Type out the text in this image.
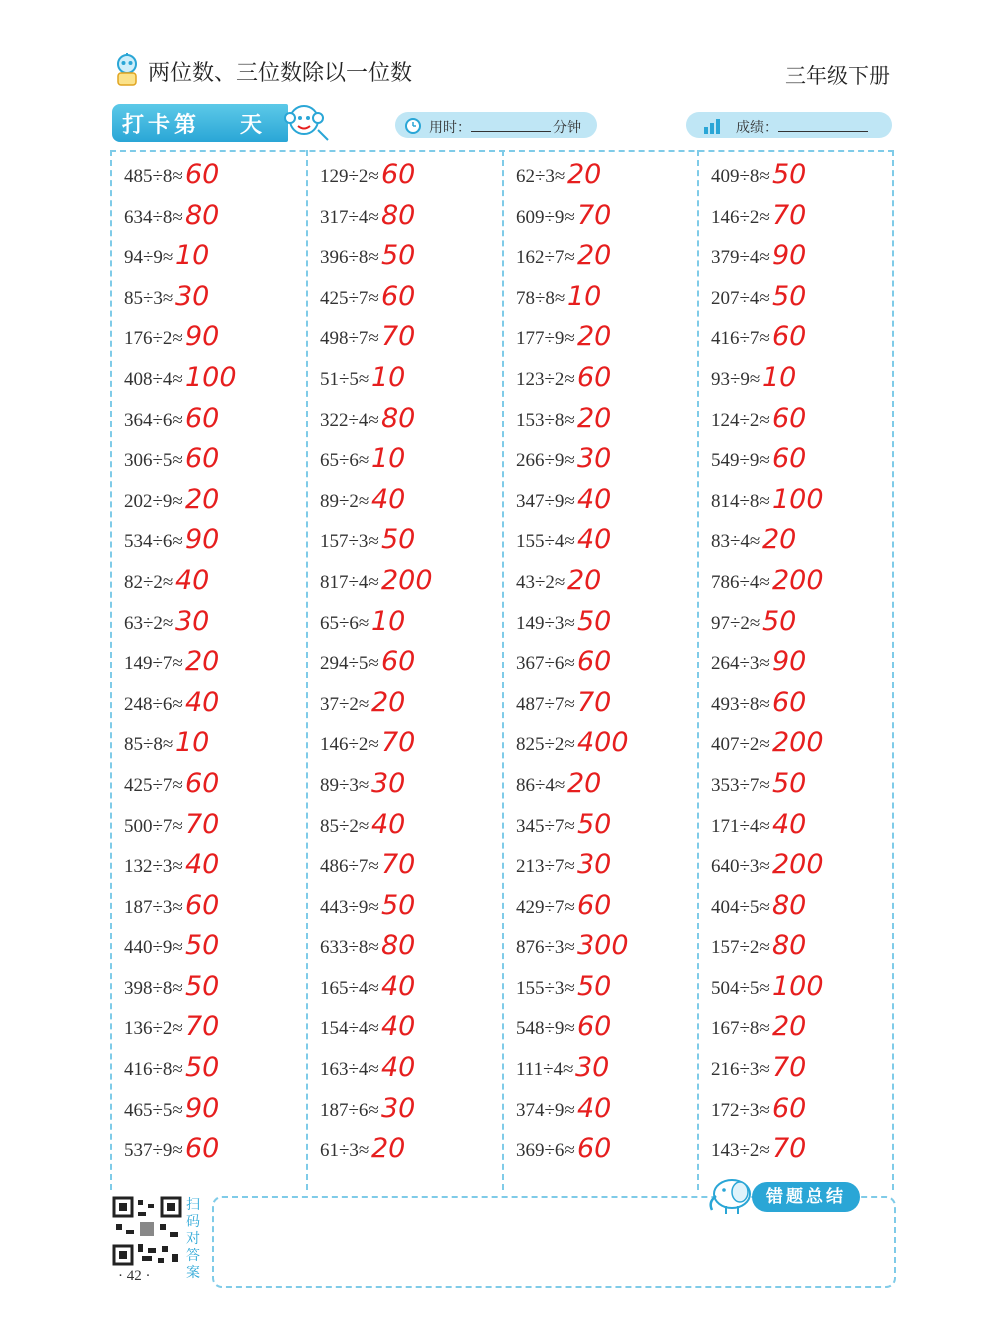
两位数、三位数除以一位数	三年级下册
打卡第 天	用时：	分钟	成绩：
485÷8≈ 60
634÷8≈ 80
94÷9≈ 10
85÷3≈ 30
176÷2≈ 90
408÷4≈ 100
364÷6≈ 60
306÷5≈ 60
202÷9≈ 20
534÷6≈ 90
82÷2≈ 40
63÷2≈ 30
149÷7≈ 20
248÷6≈ 40
85÷8≈ 10
425÷7≈ 60
500÷7≈ 70
132÷3≈ 40
187÷3≈ 60
440÷9≈ 50
398÷8≈ 50
136÷2≈ 70
416÷8≈ 50
465÷5≈ 90
537÷9≈ 60
129÷2≈ 60
317÷4≈ 80
396÷8≈ 50
425÷7≈ 60
498÷7≈ 70
51÷5≈ 10
322÷4≈ 80
65÷6≈ 10
89÷2≈ 40
157÷3≈ 50
817÷4≈ 200
65÷6≈ 10
294÷5≈ 60
37÷2≈ 20
146÷2≈ 70
89÷3≈ 30
85÷2≈ 40
486÷7≈ 70
443÷9≈ 50
633÷8≈ 80
165÷4≈ 40
154÷4≈ 40
163÷4≈ 40
187÷6≈ 30
61÷3≈ 20
62÷3≈ 20
609÷9≈ 70
162÷7≈ 20
78÷8≈ 10
177÷9≈ 20
123÷2≈ 60
153÷8≈ 20
266÷9≈ 30
347÷9≈ 40
155÷4≈ 40
43÷2≈ 20
149÷3≈ 50
367÷6≈ 60
487÷7≈ 70
825÷2≈ 400
86÷4≈ 20
345÷7≈ 50
213÷7≈ 30
429÷7≈ 60
876÷3≈ 300
155÷3≈ 50
548÷9≈ 60
111÷4≈ 30
374÷9≈ 40
369÷6≈ 60
409÷8≈ 50
146÷2≈ 70
379÷4≈ 90
207÷4≈ 50
416÷7≈ 60
93÷9≈ 10
124÷2≈ 60
549÷9≈ 60
814÷8≈ 100
83÷4≈ 20
786÷4≈ 200
97÷2≈ 50
264÷3≈ 90
493÷8≈ 60
407÷2≈ 200
353÷7≈ 50
171÷4≈ 40
640÷3≈ 200
404÷5≈ 80
157÷2≈ 80
504÷5≈ 100
167÷8≈ 20
216÷3≈ 70
172÷3≈ 60
143÷2≈ 70
扫码对答案
· 42 ·
错题总结
